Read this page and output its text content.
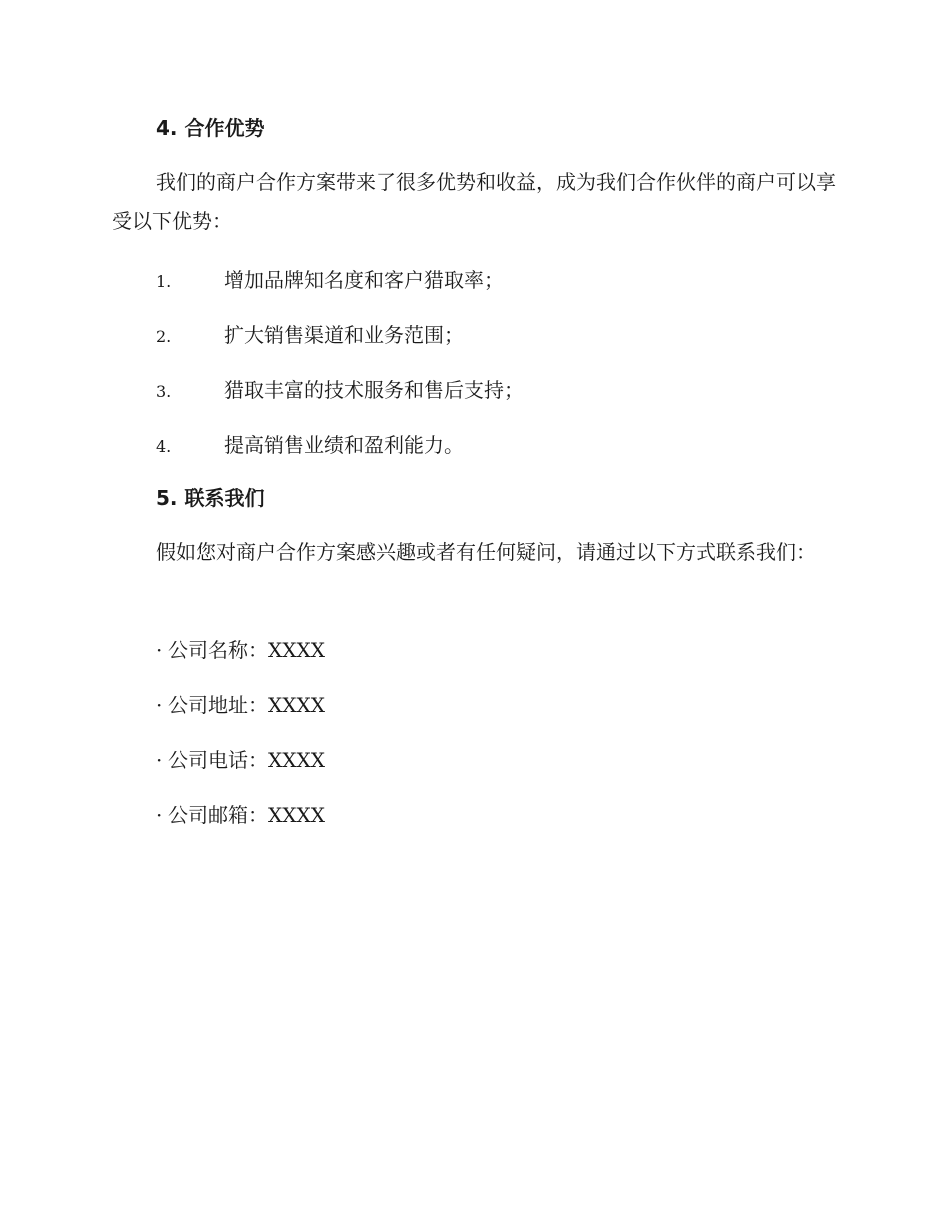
4. 合作优势
我们的商户合作方案带来了很多优势和收益，成为我们合作伙伴的商户可以享受以下优势：
1.	增加品牌知名度和客户猎取率；
2.	扩大销售渠道和业务范围；
3.	猎取丰富的技术服务和售后支持；
4.	提高销售业绩和盈利能力。
5. 联系我们
假如您对商户合作方案感兴趣或者有任何疑问，请通过以下方式联系我们：
· 公司名称：XXXX
· 公司地址：XXXX
· 公司电话：XXXX
· 公司邮箱：XXXX
